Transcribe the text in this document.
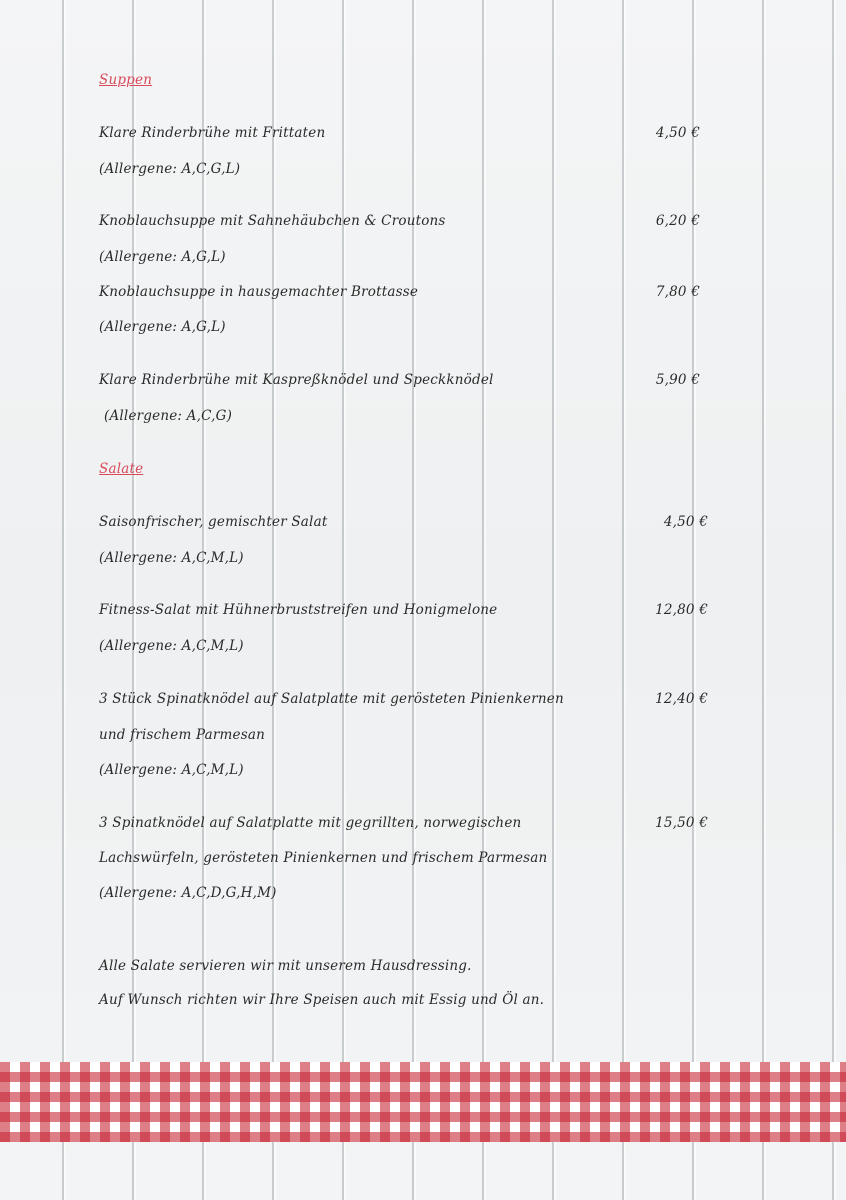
Suppen
Klare Rinderbrühe mit Frittaten	4,50 €
(Allergene: A,C,G,L)
Knoblauchsuppe mit Sahnehäubchen & Croutons	6,20 €
(Allergene: A,G,L)
Knoblauchsuppe in hausgemachter Brottasse	7,80 €
(Allergene: A,G,L)
Klare Rinderbrühe mit Kaspreßknödel und Speckknödel	5,90 €
(Allergene: A,C,G)
Salate
Saisonfrischer, gemischter Salat	4,50 €
(Allergene: A,C,M,L)
Fitness-Salat mit Hühnerbruststreifen und Honigmelone	12,80 €
(Allergene: A,C,M,L)
3 Stück Spinatknödel auf Salatplatte mit gerösteten Pinienkernen	12,40 €
und frischem Parmesan
(Allergene: A,C,M,L)
3 Spinatknödel auf Salatplatte mit gegrillten, norwegischen	15,50 €
Lachswürfeln, gerösteten Pinienkernen und frischem Parmesan
(Allergene: A,C,D,G,H,M)
Alle Salate servieren wir mit unserem Hausdressing.
Auf Wunsch richten wir Ihre Speisen auch mit Essig und Öl an.
